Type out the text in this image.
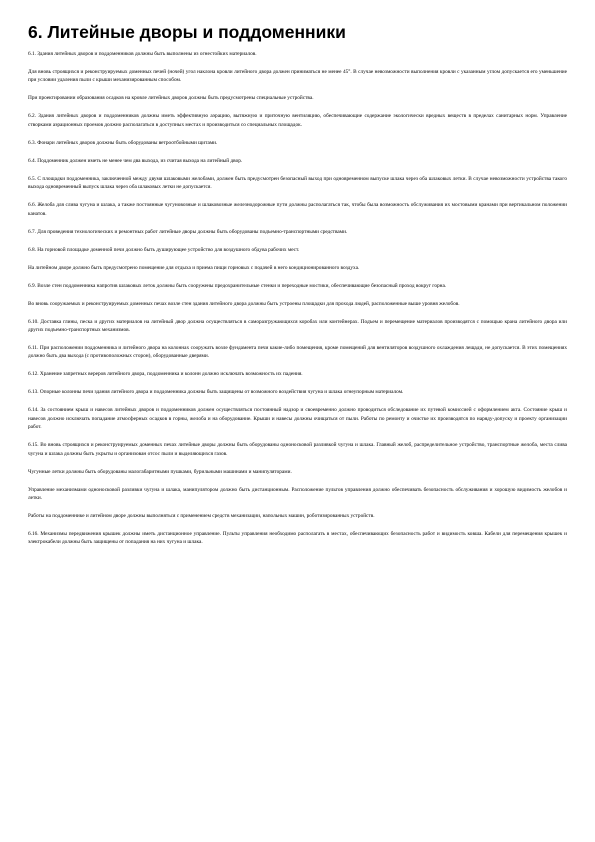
6. Литейные дворы и поддоменники

6.1. Здания литейных дворов и поддоменников должны быть выполнены из огнестойких материалов.

Для вновь строящихся и реконструируемых доменных печей (ночей) угол наклона кровли литейного двора должен приниматься не менее 45°. В случае невозможности выполнения кровли с указанным углом допускается его уменьшение при условии удаления пыли с крыши механизированным способом.

При проектировании образования осадков на кровле литейных дворов должны быть предусмотрены специальные устройства.

6.2. Здания литейных дворов и поддоменников должны иметь эффективную аэрацию, вытяжную и приточную вентиляцию, обеспечивающие содержание экологически вредных веществ в пределах санитарных норм. Управление створками аэрационных проемов должно располагаться в доступных местах и производиться со специальных площадок.

6.3. Фонари литейных дворов должны быть оборудованы ветроотбойными щитами.

6.4. Поддоменник должен иметь не менее чем два выхода, из считая выхода на литейный двор.

6.5. С площадки поддоменника, заключенной между двумя шлаковыми желобами, должен быть предусмотрен безопасный выход при одновременном выпуске шлака через оба шлаковых летки. В случае невозможности устройства такого выхода одновременный выпуск шлака через оба шлаковых летки не допускается.

6.6. Желоба для слива чугуна и шлака, а также постоянные чугуновозные и шлаковозные железнодорожные пути должны располагаться так, чтобы была возможность обслуживания их мостовыми кранами при вертикальном положении канатов.

6.7. Для проведения технологических и ремонтных работ литейные дворы должны быть оборудованы подъемно-транспортными средствами.

6.8. На горновой площадке доменной печи должно быть душирующее устройство для воздушного обдува рабочих мест.

На литейном дворе должно быть предусмотрено помещение для отдыха и приема пищи горновых с подачей в него кондиционированного воздуха.

6.9. Возле стен поддоменника напротив шлаковых леток должны быть сооружены предохранительные стенки и переходные мостики, обеспечивающие безопасный проход вокруг горна.

Во вновь сооружаемых и реконструируемых доменных печах возле стен здания литейного двора должны быть устроены площадки для прохода людей, расположенные выше уровня желобов.

6.10. Доставка глины, песка и других материалов на литейный двор должна осуществляться в саморазгружающихся коробах или контейнерах. Подъем и перемещение материалов производятся с помощью крана литейного двора или других подъемно-транспортных механизмов.

6.11. При расположении поддоменника и литейного двора на колоннах сооружать возле фундамента печи какие-либо помещения, кроме помещений для вентиляторов воздушного охлаждения лещади, не допускается. В этих помещениях должно быть два выхода (с противоположных сторон), оборудованные дверями.

6.12. Хранение запретных вереров литейного двора, поддоменника и колонн должно исключать возможность их падения.

6.13. Опорные колонны печи здания литейного двора и поддоменника должны быть защищены от возможного воздействия чугуна и шлака огнеупорным материалом.

6.14. За состоянием крыш и навесов литейных дворов и поддоменников должен осуществляться постоянный надзор и своевременно должно проводиться обследование их путевой комиссией с оформлением акта. Состояние крыш и навесов должно исключать попадание атмосферных осадков в горны, желоба и на оборудование. Крыши и навесы должны очищаться от пыли. Работы по ремонту и очистке их производятся по наряду-допуску и проекту организации работ.

6.15. Во вновь строящихся и реконструируемых доменных печах литейные дворы должны быть оборудованы одноносковой разливкой чугуна и шлака. Главный желоб, распределительное устройство, транспортные желоба, места слива чугуна и шлака должны быть укрыты и организован отсос пыли и выделяющихся газов.

Чугунные летки должны быть оборудованы малогабаритными пушками, бурильными машинами и манипуляторами.

Управление механизмами одноносковой разливки чугуна и шлака, манипулятором должно быть дистанционным. Расположение пультов управления должно обеспечивать безопасность обслуживания и хорошую видимость желобов и летки.

Работы на поддоменнике и литейном дворе должны выполняться с применением средств механизации, напольных машин, роботизированных устройств.

6.16. Механизмы передвижения крышек должны иметь дистанционное управление. Пульты управления необходимо располагать в местах, обеспечивающих безопасность работ и видимость ковша. Кабели для перемещения крышек и электрокабели должны быть защищены от попадания на них чугуна и шлака.
